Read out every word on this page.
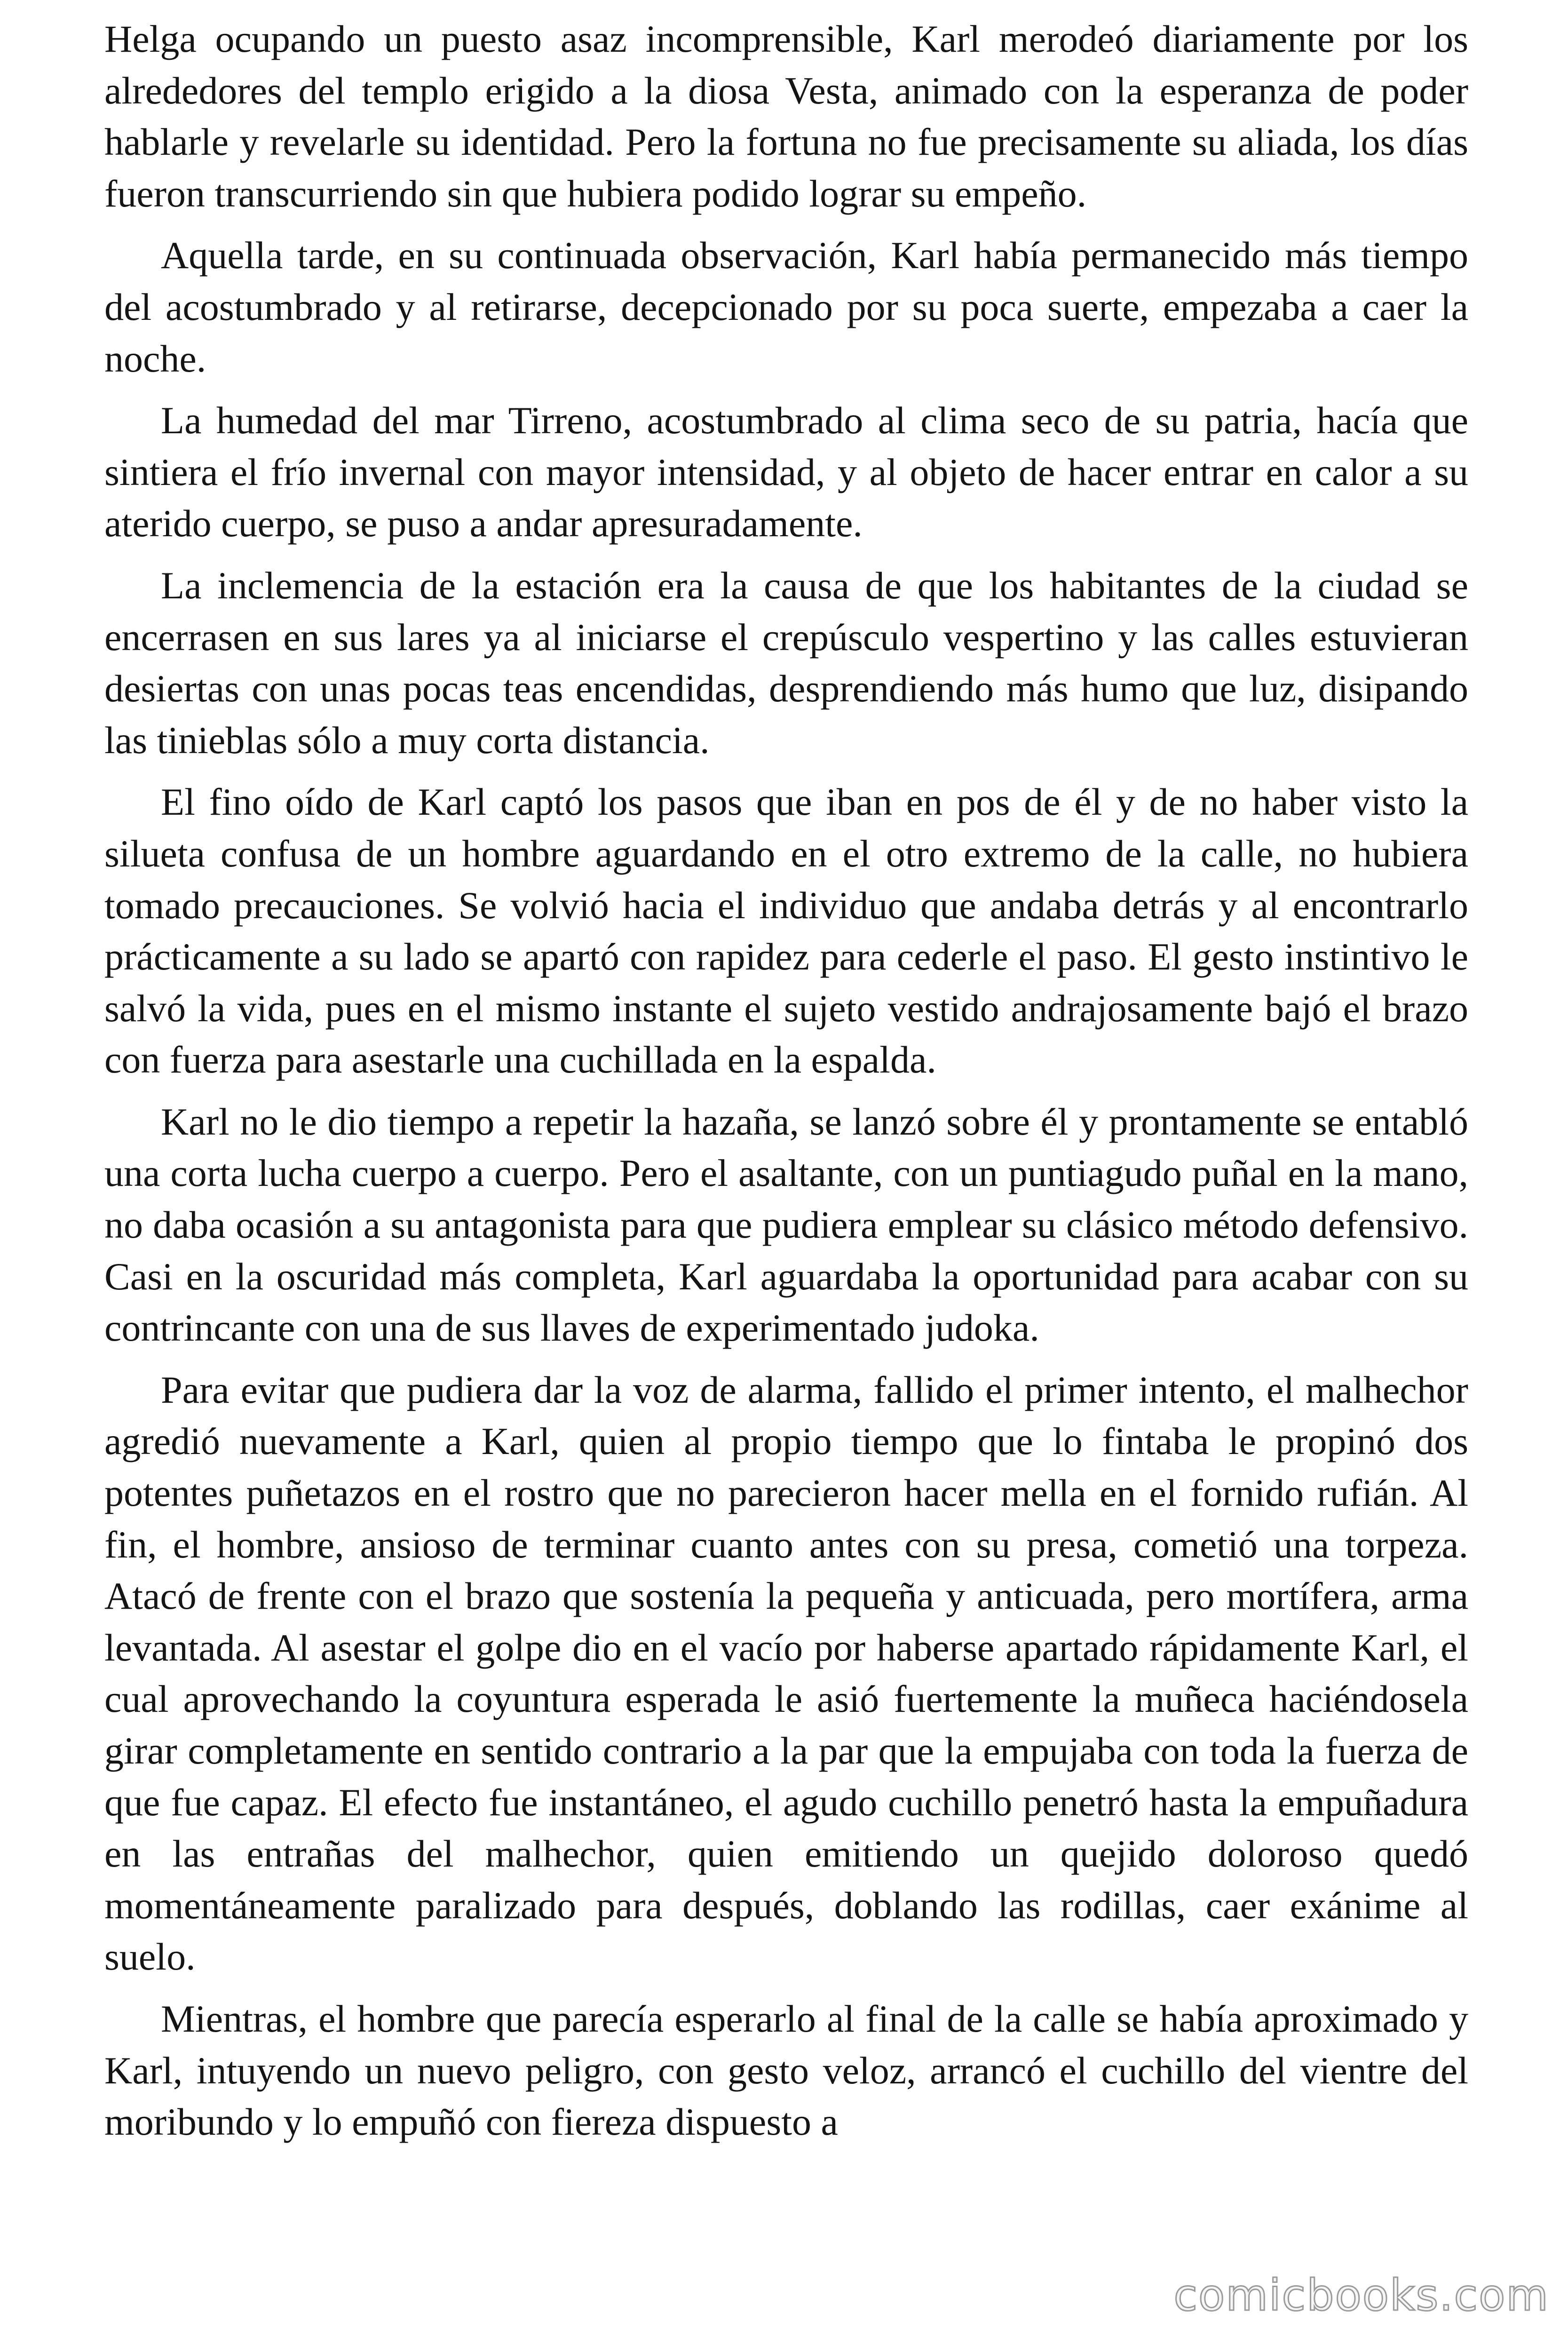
Helga ocupando un puesto asaz incomprensible, Karl merodeó diariamente por los alrededores del templo erigido a la diosa Vesta, animado con la esperanza de poder hablarle y revelarle su identidad. Pero la fortuna no fue precisamente su aliada, los días fueron transcurriendo sin que hubiera podido lograr su empeño.

Aquella tarde, en su continuada observación, Karl había permanecido más tiempo del acostumbrado y al retirarse, decepcionado por su poca suerte, empezaba a caer la noche.

La humedad del mar Tirreno, acostumbrado al clima seco de su patria, hacía que sintiera el frío invernal con mayor intensidad, y al objeto de hacer entrar en calor a su aterido cuerpo, se puso a andar apresuradamente.

La inclemencia de la estación era la causa de que los habitantes de la ciudad se encerrasen en sus lares ya al iniciarse el crepúsculo vespertino y las calles estuvieran desiertas con unas pocas teas encendidas, desprendiendo más humo que luz, disipando las tinieblas sólo a muy corta distancia.

El fino oído de Karl captó los pasos que iban en pos de él y de no haber visto la silueta confusa de un hombre aguardando en el otro extremo de la calle, no hubiera tomado precauciones. Se volvió hacia el individuo que andaba detrás y al encontrarlo prácticamente a su lado se apartó con rapidez para cederle el paso. El gesto instintivo le salvó la vida, pues en el mismo instante el sujeto vestido andrajosamente bajó el brazo con fuerza para asestarle una cuchillada en la espalda.

Karl no le dio tiempo a repetir la hazaña, se lanzó sobre él y prontamente se entabló una corta lucha cuerpo a cuerpo. Pero el asaltante, con un puntiagudo puñal en la mano, no daba ocasión a su antagonista para que pudiera emplear su clásico método defensivo. Casi en la oscuridad más completa, Karl aguardaba la oportunidad para acabar con su contrincante con una de sus llaves de experimentado judoka.

Para evitar que pudiera dar la voz de alarma, fallido el primer intento, el malhechor agredió nuevamente a Karl, quien al propio tiempo que lo fintaba le propinó dos potentes puñetazos en el rostro que no parecieron hacer mella en el fornido rufián. Al fin, el hombre, ansioso de terminar cuanto antes con su presa, cometió una torpeza. Atacó de frente con el brazo que sostenía la pequeña y anticuada, pero mortífera, arma levantada. Al asestar el golpe dio en el vacío por haberse apartado rápidamente Karl, el cual aprovechando la coyuntura esperada le asió fuertemente la muñeca haciéndosela girar completamente en sentido contrario a la par que la empujaba con toda la fuerza de que fue capaz. El efecto fue instantáneo, el agudo cuchillo penetró hasta la empuñadura en las entrañas del malhechor, quien emitiendo un quejido doloroso quedó momentáneamente paralizado para después, doblando las rodillas, caer exánime al suelo.

Mientras, el hombre que parecía esperarlo al final de la calle se había aproximado y Karl, intuyendo un nuevo peligro, con gesto veloz, arrancó el cuchillo del vientre del moribundo y lo empuñó con fiereza dispuesto a

comicbooks.com
